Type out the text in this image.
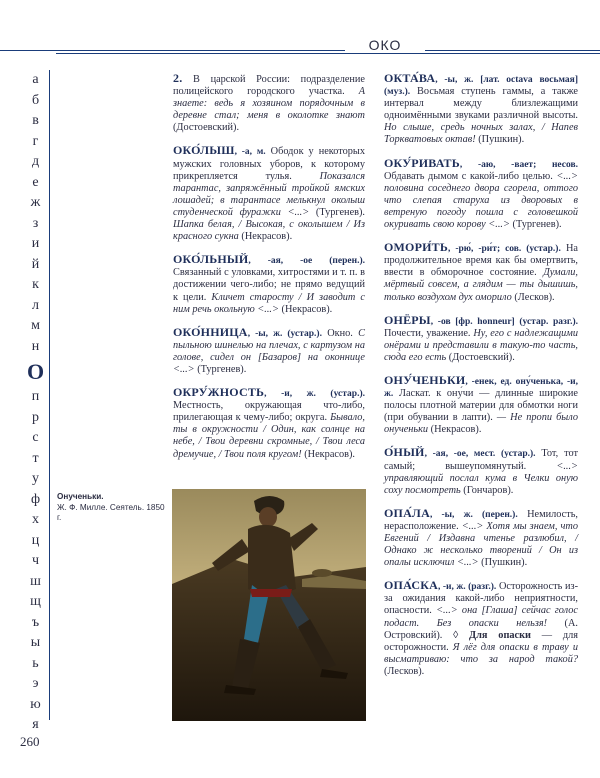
ОКО
а
б
в
г
д
е
ж
з
и
й
к
л
м
н
О
п
р
с
т
у
ф
х
ц
ч
ш
щ
ъ
ы
ь
э
ю
я
2. В царской России: подразделение полицейского городского участка. А знаете: ведь я хозяином порядочным в деревне стал; меня в околотке знают (Достоевский).
ОКО́ЛЫШ, -а, м. Ободок у некоторых мужских головных уборов, к которому прикрепляется тулья. Показался тарантас, запряжённый тройкой ямских лошадей; в тарантасе мелькнул околыш студенческой фуражки <...> (Тургенев). Шапка белая, / Высокая, с околышем / Из красного сукна (Некрасов).
ОКО́ЛЬНЫЙ, -ая, -ое (перен.). Связанный с уловками, хитростями и т. п. в достижении чего-либо; не прямо ведущий к цели. Кличет старосту / И заводит с ним речь окольную <...> (Некрасов).
ОКО́ННИЦА, -ы, ж. (устар.). Окно. С пыльною шинелью на плечах, с картузом на голове, сидел он [Базаров] на оконнице <...> (Тургенев).
ОКРУ́ЖНОСТЬ, -и, ж. (устар.). Местность, окружающая что-либо, прилегающая к чему-либо; округа. Бывало, ты в окружности / Один, как солнце на небе, / Твои деревни скромные, / Твои леса дремучие, / Твои поля кругом! (Некрасов).
ОКТА́ВА, -ы, ж. [лат. octava восьмая] (муз.). Восьмая ступень гаммы, а также интервал между близлежащими одноимёнными звуками различной высоты. Но слыше, средь ночных залах, / Напев Торкватовых октав! (Пушкин).
ОКУ́РИВАТЬ, -аю, -вает; несов. Обдавать дымом с какой-либо целью. <...> половина соседнего двора сгорела, оттого что слепая старуха из дворовых в ветреную погоду пошла с головешкой окуривать свою корову <...> (Тургенев).
ОМОРИ́ТЬ, -рю́, -ри́т; сов. (устар.). На продолжительное время как бы омертвить, ввести в обморочное состояние. Думали, мёртвый совсем, а глядим — ты дышишь, только воздухом дух оморило (Лесков).
ОНЁРЫ, -ов [фр. honneur] (устар. разг.). Почести, уважение. Ну, его с надлежащими онёрами и представили в такую-то часть, сюда его есть (Достоевский).
ОНУ́ЧЕНЬКИ, -енек, ед. ону́ченька, -и, ж. Ласкат. к ону́чи — длинные широкие полосы плотной материи для обмотки ноги (при обувании в лапти). — Не пропи было онученьки (Некрасов).
О́НЫЙ, -ая, -ое, мест. (устар.). Тот, тот самый; вышеупомянутый. <...> управляющий послал кума в Челки оную соху посмотреть (Гончаров).
ОПА́ЛА, -ы, ж. (перен.). Немилость, нерасположение. <...> Хотя мы знаем, что Евгений / Издавна чтенье разлюбил, / Однако ж несколько творений / Он из опалы исключил <...> (Пушкин).
ОПА́СКА, -и, ж. (разг.). Осторожность из-за ожидания какой-либо неприятности, опасности. <...> она [Глаша] сейчас голос подаст. Без опаски нельзя! (А. Островский). ◊ Для опаски — для осторожности. Я лёг для опаски в траву и высматриваю: что за народ такой? (Лесков).
Онученьки.
Ж. Ф. Милле. Сеятель. 1850 г.
260
